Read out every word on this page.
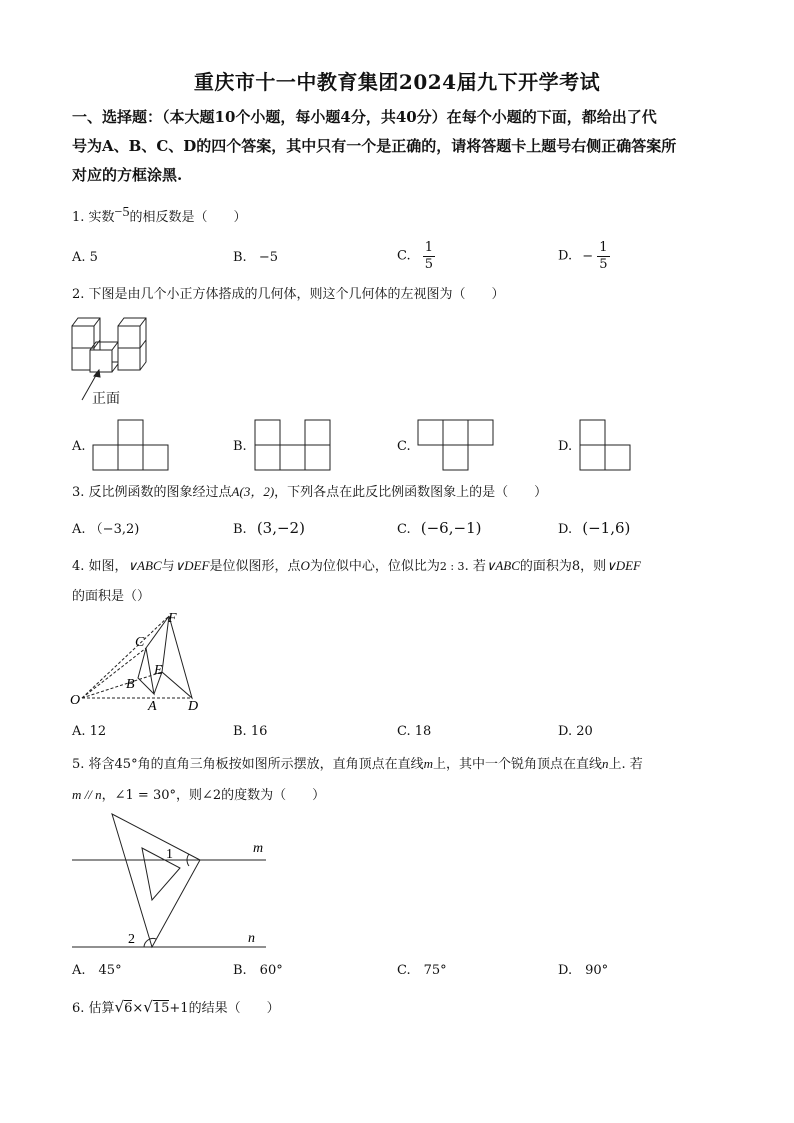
重庆市十一中教育集团2024届九下开学考试
一、选择题：（本大题10个小题，每小题4分，共40分）在每个小题的下面，都给出了代
号为A、B、C、D的四个答案，其中只有一个是正确的，请将答题卡上题号右侧正确答案所
对应的方框涂黑.
1. 实数−5的相反数是（　　）
A. 5	B. −5	C. $\frac{1}{5}$	D. − $\frac{1}{5}$
2. 下图是由几个小正方体搭成的几何体，则这个几何体的左视图为（　　）
正面
A.	B.	C.	D.
3. 反比例函数的图象经过点A(3，2)，下列各点在此反比例函数图象上的是（　　）
A. （−3,2)	B. (3,−2)	C. (−6,−1)	D. (−1,6)
4. 如图，∨ABC与∨DEF是位似图形，点O为位似中心，位似比为2 : 3. 若∨ABC的面积为8，则∨DEF
的面积是（）
O	A
B
C
D
E
F
A. 12	B. 16	C. 18	D. 20
5. 将含45°角的直角三角板按如图所示摆放，直角顶点在直线m上，其中一个锐角顶点在直线n上. 若
m // n，∠1 = 30°，则∠2的度数为（　　）
m
n
1
2
A.　45°	B.　60°	C.　75°	D.　90°
6. 估算√6×√15+1的结果（　　）
